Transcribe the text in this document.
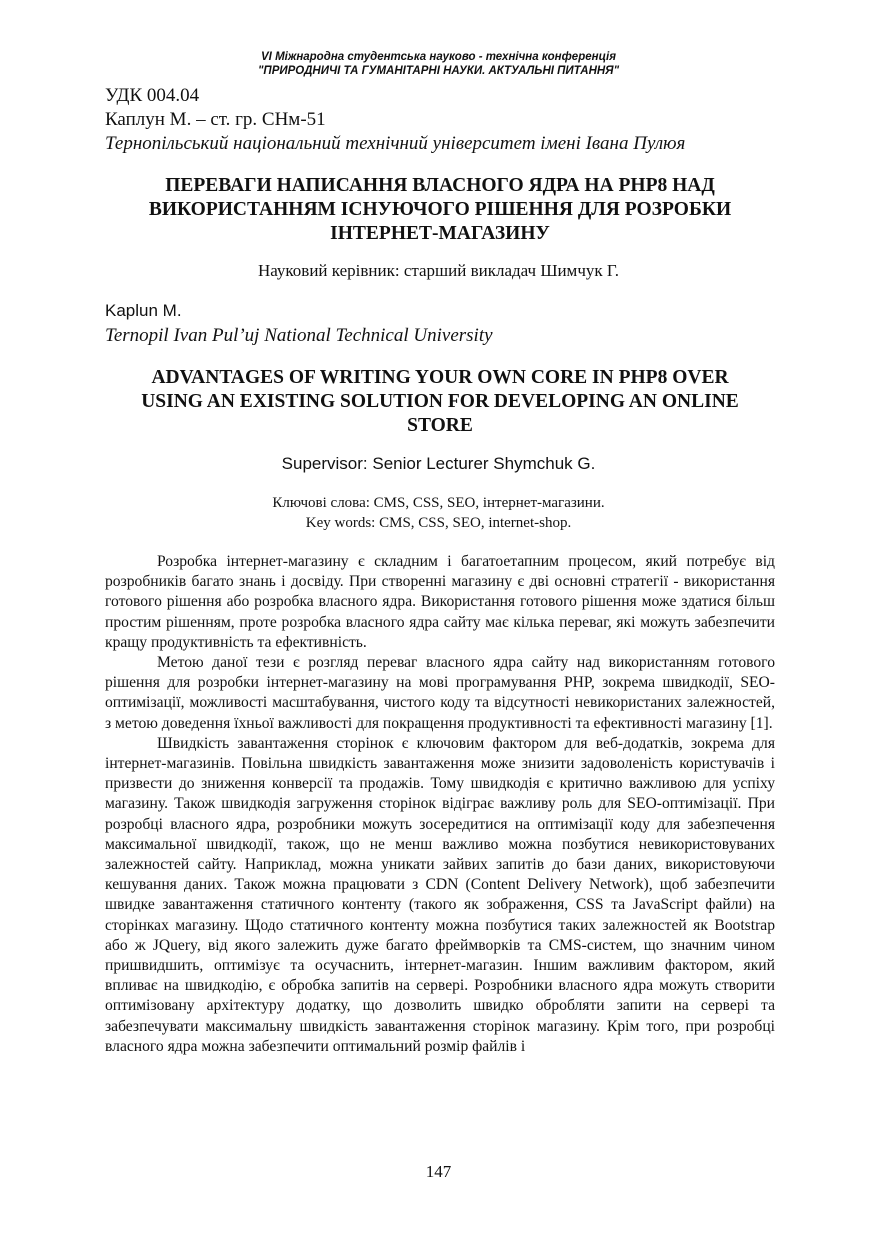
VI Міжнародна студентська науково - технічна конференція
"ПРИРОДНИЧІ ТА ГУМАНІТАРНІ НАУКИ. АКТУАЛЬНІ ПИТАННЯ"
УДК 004.04
Каплун М. – ст. гр. СНм-51
Тернопільський національний технічний університет імені Івана Пулюя
ПЕРЕВАГИ НАПИСАННЯ ВЛАСНОГО ЯДРА НА PHP8 НАД
ВИКОРИСТАННЯМ ІСНУЮЧОГО РІШЕННЯ ДЛЯ РОЗРОБКИ
ІНТЕРНЕТ-МАГАЗИНУ
Науковий керівник: старший викладач Шимчук Г.
Kaplun M.
Ternopil Ivan Pul’uj National Technical University
ADVANTAGES OF WRITING YOUR OWN CORE IN PHP8 OVER
USING AN EXISTING SOLUTION FOR DEVELOPING AN ONLINE
STORE
Supervisor: Senior Lecturer Shymchuk G.
Ключові слова: CMS, CSS, SEO, інтернет-магазини.
Key words: CMS, CSS, SEO, internet-shop.

Розробка інтернет-магазину є складним і багатоетапним процесом, який потребує від розробників багато знань і досвіду. При створенні магазину є дві основні стратегії - використання готового рішення або розробка власного ядра. Використання готового рішення може здатися більш простим рішенням, проте розробка власного ядра сайту має кілька переваг, які можуть забезпечити кращу продуктивність та ефективність.

Метою даної тези є розгляд переваг власного ядра сайту над використанням готового рішення для розробки інтернет-магазину на мові програмування PHP, зокрема швидкодії, SEO-оптимізації, можливості масштабування, чистого коду та відсутності невикористаних залежностей, з метою доведення їхньої важливості для покращення продуктивності та ефективності магазину [1].

Швидкість завантаження сторінок є ключовим фактором для веб-додатків, зокрема для інтернет-магазинів. Повільна швидкість завантаження може знизити задоволеність користувачів і призвести до зниження конверсії та продажів. Тому швидкодія є критично важливою для успіху магазину. Також швидкодія загруження сторінок відіграє важливу роль для SEO-оптимізації. При розробці власного ядра, розробники можуть зосередитися на оптимізації коду для забезпечення максимальної швидкодії, також, що не менш важливо можна позбутися невикористовуваних залежностей сайту. Наприклад, можна уникати зайвих запитів до бази даних, використовуючи кешування даних. Також можна працювати з CDN (Content Delivery Network), щоб забезпечити швидке завантаження статичного контенту (такого як зображення, CSS та JavaScript файли) на сторінках магазину. Щодо статичного контенту можна позбутися таких залежностей як Bootstrap або ж JQuery, від якого залежить дуже багато фреймворків та CMS-систем, що значним чином пришвидшить, оптимізує та осучаснить, інтернет-магазин. Іншим важливим фактором, який впливає на швидкодію, є обробка запитів на сервері. Розробники власного ядра можуть створити оптимізовану архітектуру додатку, що дозволить швидко обробляти запити на сервері та забезпечувати максимальну швидкість завантаження сторінок магазину. Крім того, при розробці власного ядра можна забезпечити оптимальний розмір файлів і

147
